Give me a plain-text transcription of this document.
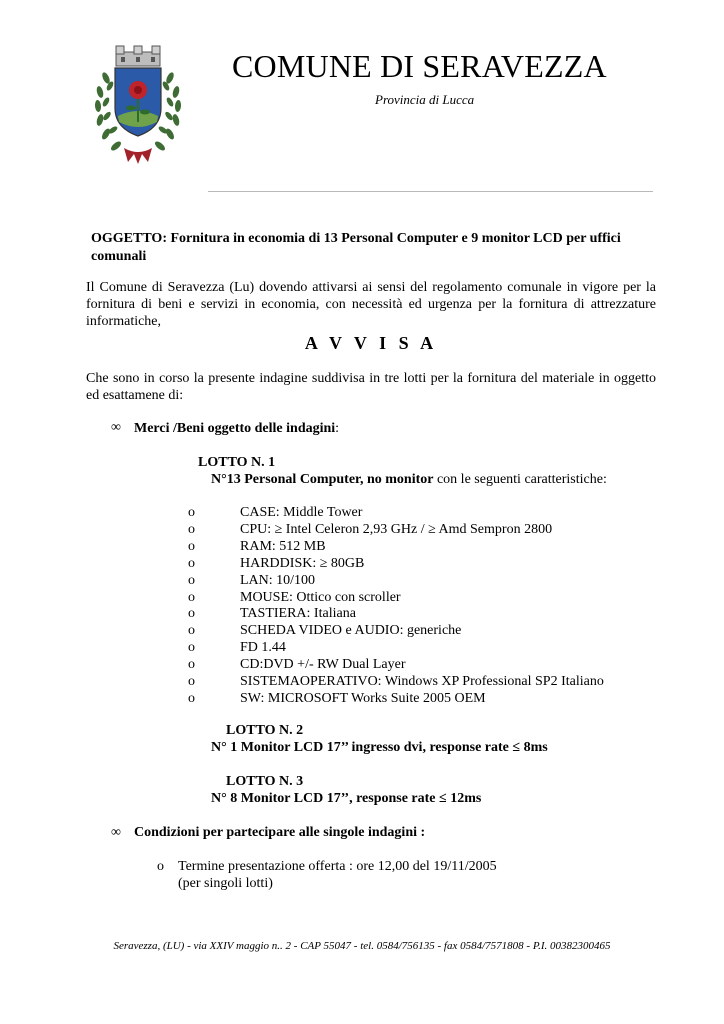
COMUNE DI SERAVEZZA
Provincia di Lucca
OGGETTO: Fornitura in economia di 13 Personal Computer e 9 monitor LCD per uffici comunali
Il Comune di Seravezza (Lu) dovendo attivarsi ai sensi del regolamento comunale in vigore per la fornitura di beni e servizi in economia, con necessità ed urgenza per la fornitura di attrezzature informatiche,
A V V I S A
Che sono in corso la presente indagine suddivisa in tre lotti per la fornitura del materiale in oggetto ed esattamene di:
∞ Merci /Beni oggetto delle indagini:
LOTTO N. 1
N°13 Personal Computer, no monitor con le seguenti caratteristiche:
o	CASE: Middle Tower
o	CPU: ≥ Intel Celeron 2,93 GHz / ≥ Amd Sempron 2800
o	RAM: 512 MB
o	HARDDISK: ≥ 80GB
o	LAN: 10/100
o	MOUSE: Ottico con scroller
o	TASTIERA: Italiana
o	SCHEDA VIDEO e AUDIO: generiche
o	FD 1.44
o	CD:DVD +/- RW Dual Layer
o	SISTEMAOPERATIVO: Windows XP Professional SP2 Italiano
o	SW: MICROSOFT Works Suite 2005 OEM
LOTTO N. 2
N° 1 Monitor LCD 17’’ ingresso dvi, response rate ≤ 8ms
LOTTO N. 3
N° 8 Monitor LCD 17’’, response rate ≤ 12ms
∞ Condizioni per partecipare alle singole indagini :
o Termine presentazione offerta : ore 12,00 del 19/11/2005
(per singoli lotti)
Seravezza, (LU) - via XXIV maggio n.. 2 - CAP 55047 - tel. 0584/756135 - fax 0584/7571808 - P.I. 00382300465
